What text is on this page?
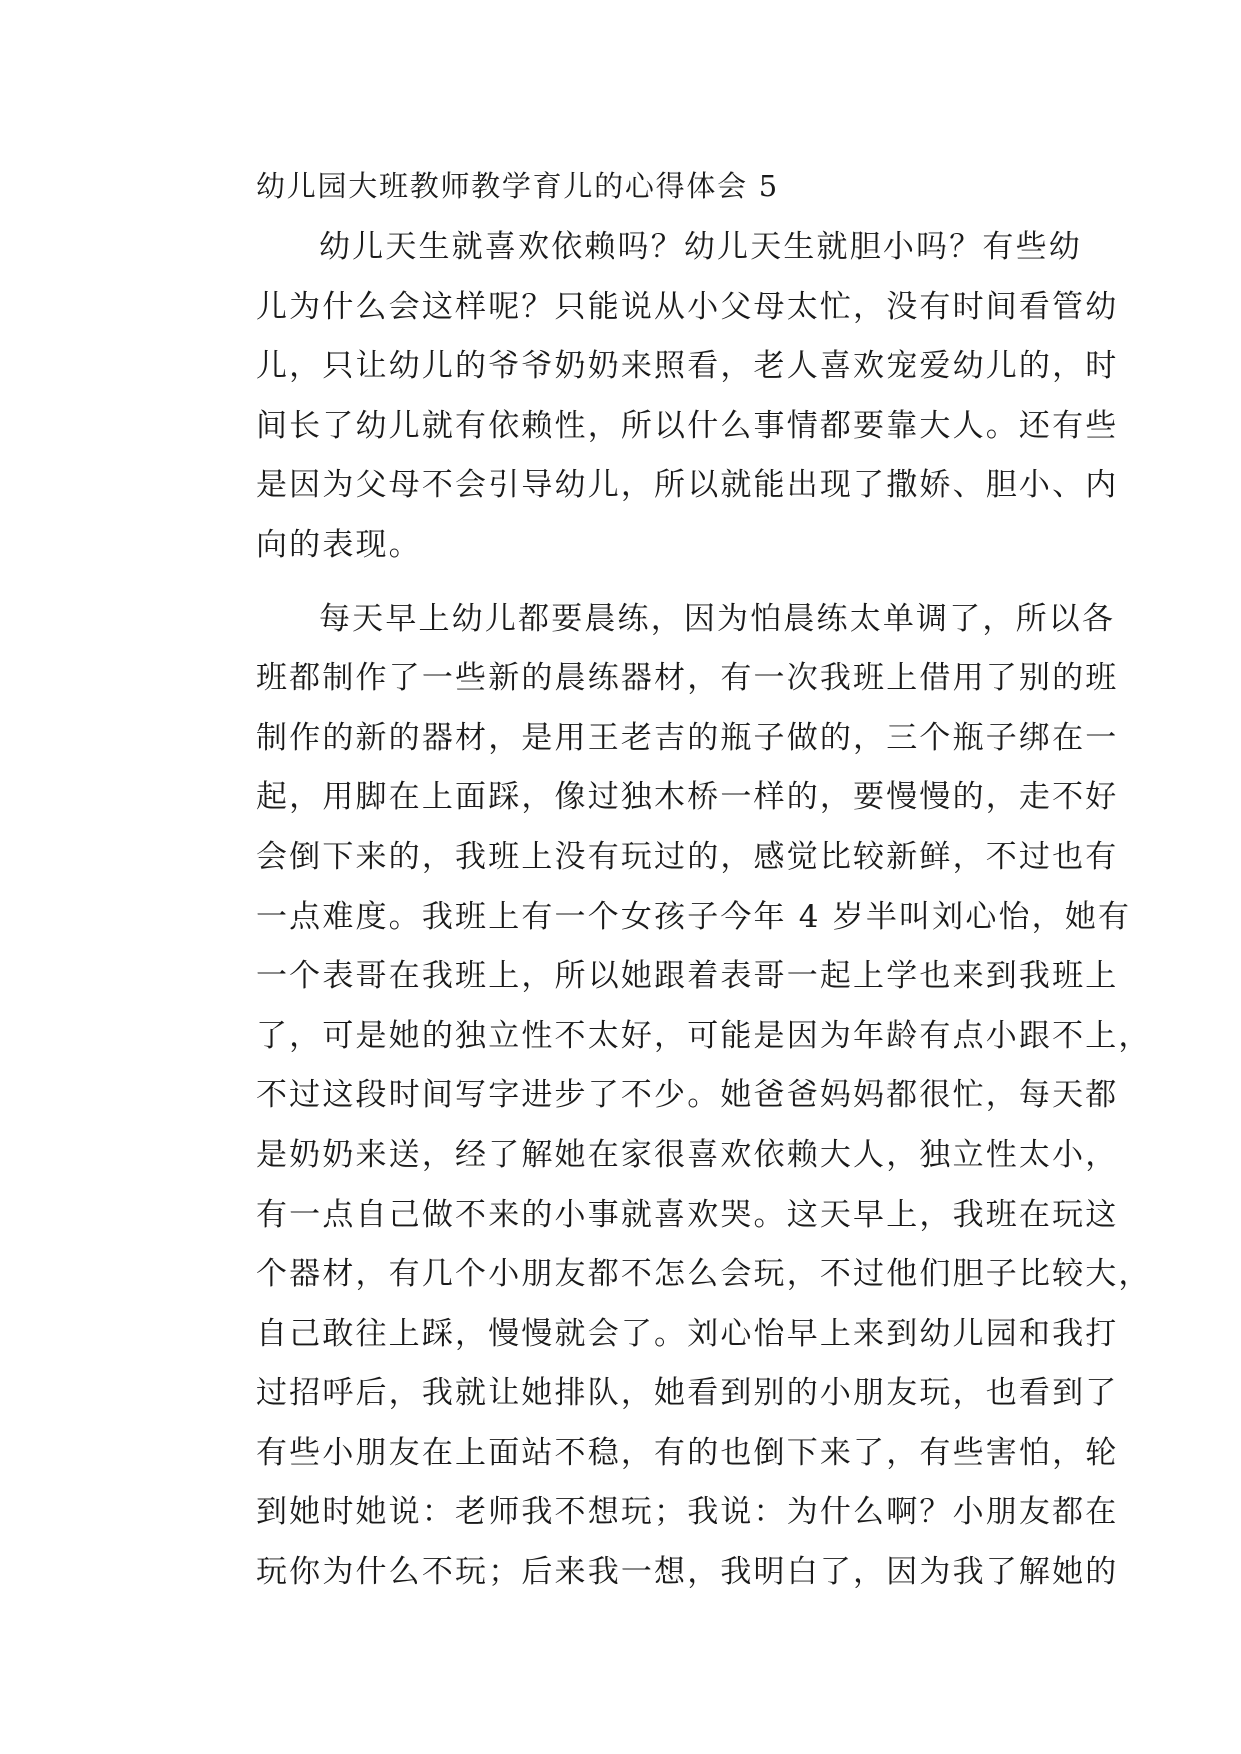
幼儿园大班教师教学育儿的心得体会 5
幼儿天生就喜欢依赖吗？幼儿天生就胆小吗？有些幼
儿为什么会这样呢？只能说从小父母太忙，没有时间看管幼
儿，只让幼儿的爷爷奶奶来照看，老人喜欢宠爱幼儿的，时
间长了幼儿就有依赖性，所以什么事情都要靠大人。还有些
是因为父母不会引导幼儿，所以就能出现了撒娇、胆小、内
向的表现。
每天早上幼儿都要晨练，因为怕晨练太单调了，所以各
班都制作了一些新的晨练器材，有一次我班上借用了别的班
制作的新的器材，是用王老吉的瓶子做的，三个瓶子绑在一
起，用脚在上面踩，像过独木桥一样的，要慢慢的，走不好
会倒下来的，我班上没有玩过的，感觉比较新鲜，不过也有
一点难度。我班上有一个女孩子今年 4 岁半叫刘心怡，她有
一个表哥在我班上，所以她跟着表哥一起上学也来到我班上
了，可是她的独立性不太好，可能是因为年龄有点小跟不上，
不过这段时间写字进步了不少。她爸爸妈妈都很忙，每天都
是奶奶来送，经了解她在家很喜欢依赖大人，独立性太小，
有一点自己做不来的小事就喜欢哭。这天早上，我班在玩这
个器材，有几个小朋友都不怎么会玩，不过他们胆子比较大，
自己敢往上踩，慢慢就会了。刘心怡早上来到幼儿园和我打
过招呼后，我就让她排队，她看到别的小朋友玩，也看到了
有些小朋友在上面站不稳，有的也倒下来了，有些害怕，轮
到她时她说：老师我不想玩；我说：为什么啊？小朋友都在
玩你为什么不玩；后来我一想，我明白了，因为我了解她的
